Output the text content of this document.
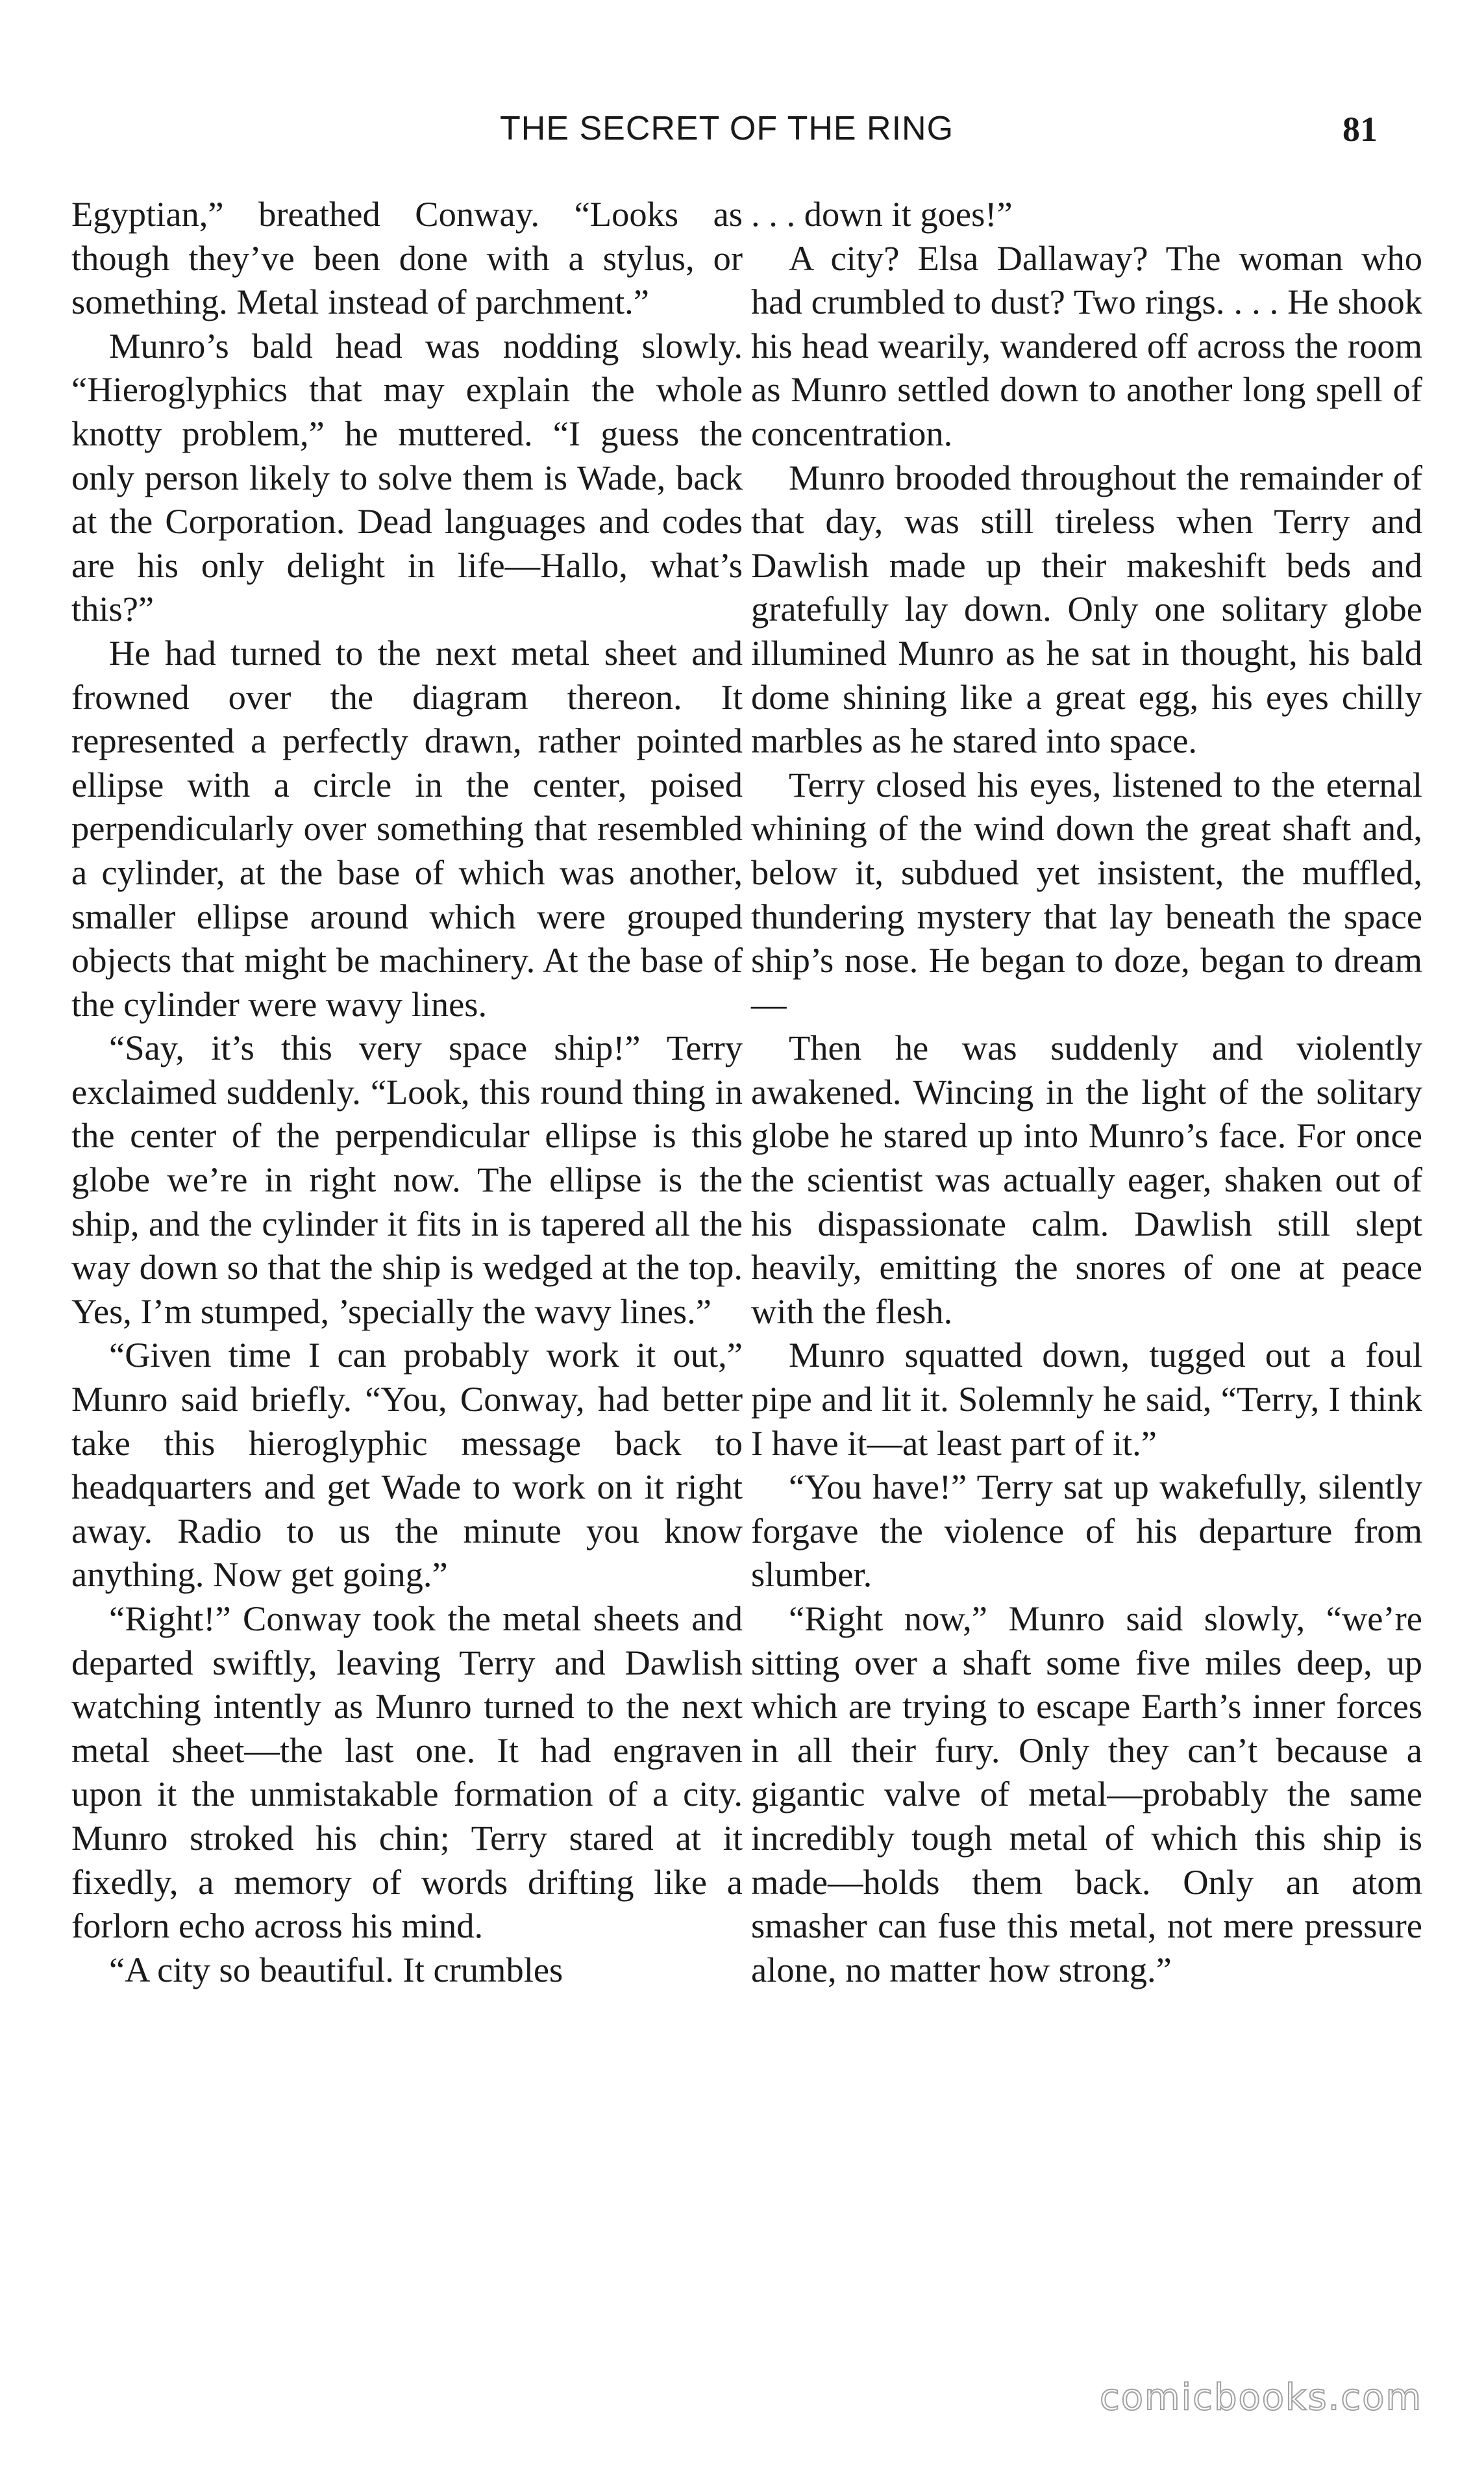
THE SECRET OF THE RING	81

Egyptian,” breathed Conway. “Looks as though they’ve been done with a stylus, or something. Metal instead of parchment.”

Munro’s bald head was nodding slowly. “Hieroglyphics that may explain the whole knotty problem,” he muttered. “I guess the only person likely to solve them is Wade, back at the Corporation. Dead languages and codes are his only delight in life—Hallo, what’s this?”

He had turned to the next metal sheet and frowned over the diagram thereon. It represented a perfectly drawn, rather pointed ellipse with a circle in the center, poised perpendicularly over something that resembled a cylinder, at the base of which was another, smaller ellipse around which were grouped objects that might be machinery. At the base of the cylinder were wavy lines.

“Say, it’s this very space ship!” Terry exclaimed suddenly. “Look, this round thing in the center of the perpendicular ellipse is this globe we’re in right now. The ellipse is the ship, and the cylinder it fits in is tapered all the way down so that the ship is wedged at the top. Yes, I’m stumped, ’specially the wavy lines.”

“Given time I can probably work it out,” Munro said briefly. “You, Conway, had better take this hieroglyphic message back to headquarters and get Wade to work on it right away. Radio to us the minute you know anything. Now get going.”

“Right!” Conway took the metal sheets and departed swiftly, leaving Terry and Dawlish watching intently as Munro turned to the next metal sheet—the last one. It had engraven upon it the unmistakable formation of a city. Munro stroked his chin; Terry stared at it fixedly, a memory of words drifting like a forlorn echo across his mind.

“A city so beautiful. It crumbles

. . . down it goes!”

A city? Elsa Dallaway? The woman who had crumbled to dust? Two rings. . . . He shook his head wearily, wandered off across the room as Munro settled down to another long spell of concentration.

Munro brooded throughout the remainder of that day, was still tireless when Terry and Dawlish made up their makeshift beds and gratefully lay down. Only one solitary globe illumined Munro as he sat in thought, his bald dome shining like a great egg, his eyes chilly marbles as he stared into space.

Terry closed his eyes, listened to the eternal whining of the wind down the great shaft and, below it, subdued yet insistent, the muffled, thundering mystery that lay beneath the space ship’s nose. He began to doze, began to dream—

Then he was suddenly and violently awakened. Wincing in the light of the solitary globe he stared up into Munro’s face. For once the scientist was actually eager, shaken out of his dispassionate calm. Dawlish still slept heavily, emitting the snores of one at peace with the flesh.

Munro squatted down, tugged out a foul pipe and lit it. Solemnly he said, “Terry, I think I have it—at least part of it.”

“You have!” Terry sat up wakefully, silently forgave the violence of his departure from slumber.

“Right now,” Munro said slowly, “we’re sitting over a shaft some five miles deep, up which are trying to escape Earth’s inner forces in all their fury. Only they can’t because a gigantic valve of metal—probably the same incredibly tough metal of which this ship is made—holds them back. Only an atom smasher can fuse this metal, not mere pressure alone, no matter how strong.”

comicbooks.com
